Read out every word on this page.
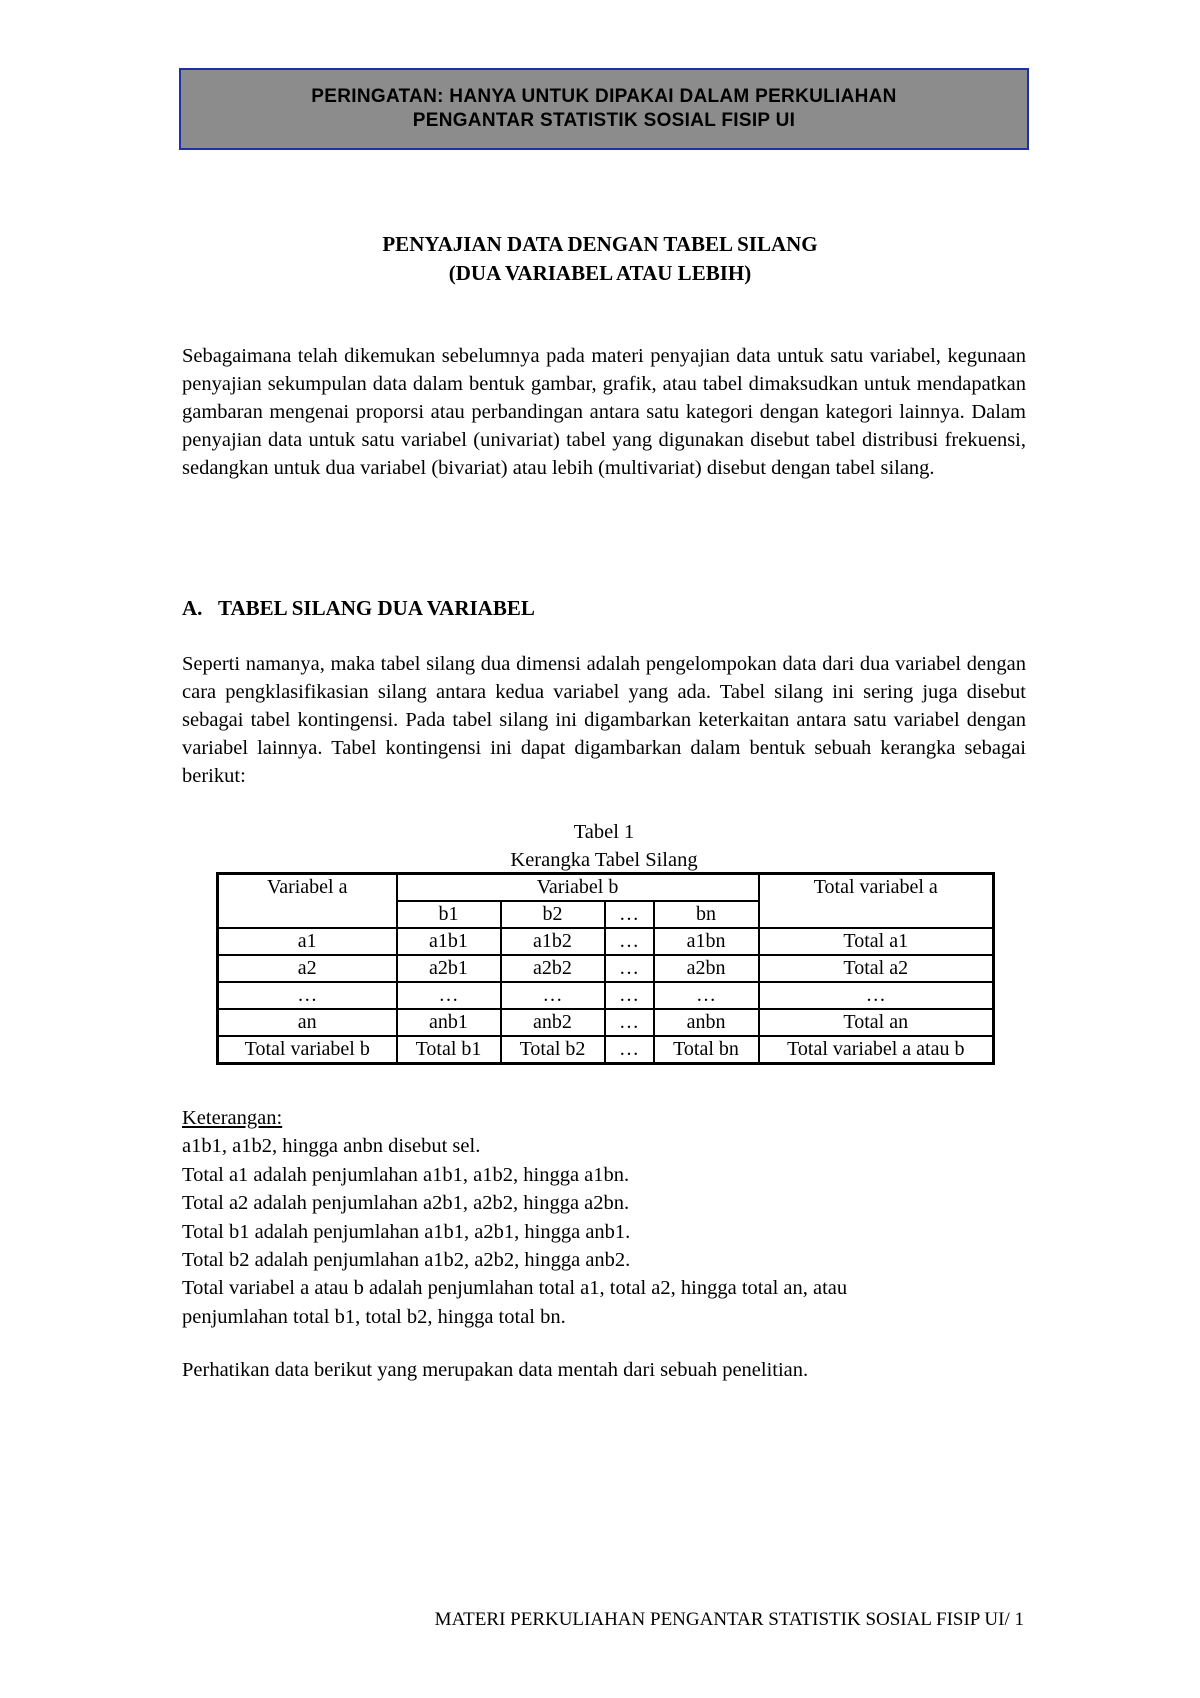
PERINGATAN: HANYA UNTUK DIPAKAI DALAM PERKULIAHAN
PENGANTAR STATISTIK SOSIAL FISIP UI
PENYAJIAN DATA DENGAN TABEL SILANG
(DUA VARIABEL ATAU LEBIH)
Sebagaimana telah dikemukan sebelumnya pada materi penyajian data untuk satu variabel, kegunaan penyajian sekumpulan data dalam bentuk gambar, grafik, atau tabel dimaksudkan untuk mendapatkan gambaran mengenai proporsi atau perbandingan antara satu kategori dengan kategori lainnya. Dalam penyajian data untuk satu variabel (univariat) tabel yang digunakan disebut tabel distribusi frekuensi, sedangkan untuk dua variabel (bivariat) atau lebih (multivariat) disebut dengan tabel silang.
A. TABEL SILANG DUA VARIABEL
Seperti namanya, maka tabel silang dua dimensi adalah pengelompokan data dari dua variabel dengan cara pengklasifikasian silang antara kedua variabel yang ada. Tabel silang ini sering juga disebut sebagai tabel kontingensi. Pada tabel silang ini digambarkan keterkaitan antara satu variabel dengan variabel lainnya. Tabel kontingensi ini dapat digambarkan dalam bentuk sebuah kerangka sebagai berikut:
Tabel 1
Kerangka Tabel Silang
Variabel a	Variabel b				Total variabel a
	b1	b2	…	bn	
a1	a1b1	a1b2	…	a1bn	Total a1
a2	a2b1	a2b2	…	a2bn	Total a2
…	…	…	…	…	…
an	anb1	anb2	…	anbn	Total an
Total variabel b	Total b1	Total b2	…	Total bn	Total variabel a atau b
Keterangan:
a1b1, a1b2, hingga anbn disebut sel.
Total a1 adalah penjumlahan a1b1, a1b2, hingga a1bn.
Total a2 adalah penjumlahan a2b1, a2b2, hingga a2bn.
Total b1 adalah penjumlahan a1b1, a2b1, hingga anb1.
Total b2 adalah penjumlahan a1b2, a2b2, hingga anb2.
Total variabel a atau b adalah penjumlahan total a1, total a2, hingga total an, atau
penjumlahan total b1, total b2, hingga total bn.
Perhatikan data berikut yang merupakan data mentah dari sebuah penelitian.
MATERI PERKULIAHAN PENGANTAR STATISTIK SOSIAL FISIP UI/ 1
